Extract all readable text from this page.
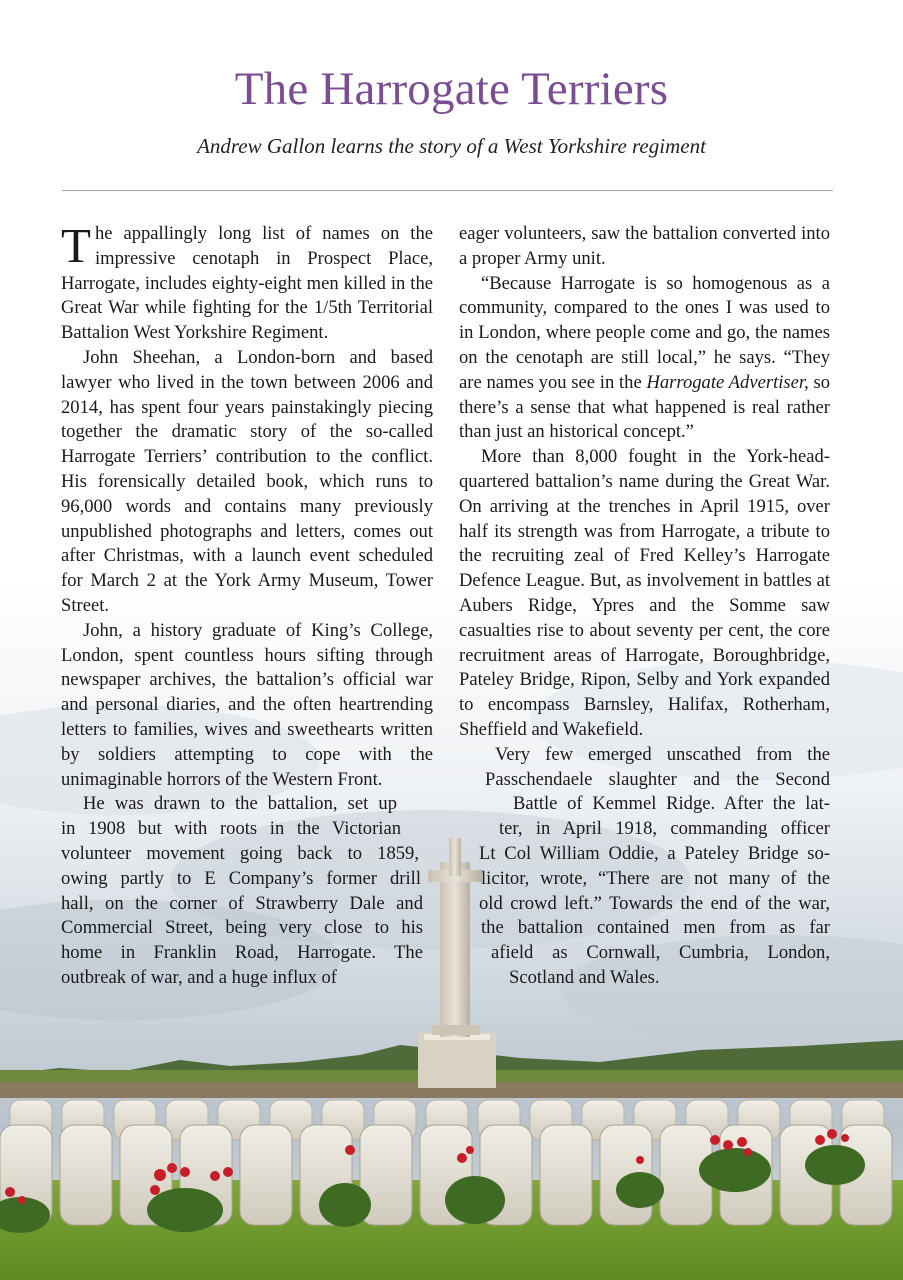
The Harrogate Terriers

Andrew Gallon learns the story of a West Yorkshire regiment

T he appallingly long list of names on the
impressive cenotaph in Prospect Place,
Harrogate, includes eighty-eight men killed in the Great War while fighting for the 1/5th Territorial Battalion West Yorkshire Regiment.

John Sheehan, a London-born and based lawyer who lived in the town between 2006 and 2014, has spent four years painstakingly piecing together the dramatic story of the so-called Harrogate Terriers’ contribution to the conflict. His forensically detailed book, which runs to 96,000 words and contains many previously unpublished photographs and letters, comes out after Christmas, with a launch event scheduled for March 2 at the York Army Museum, Tower Street.

John, a history graduate of King’s College, London, spent countless hours sifting through newspaper archives, the battalion’s official war and personal diaries, and the often heartrending letters to families, wives and sweethearts written by soldiers attempting to cope with the unimaginable horrors of the Western Front.

He was drawn to the battalion, set up
in 1908 but with roots in the Victorian
volunteer movement going back to 1859,
owing partly to E Company’s former drill
hall, on the corner of Strawberry Dale and
Commercial Street, being very close to his
home in Franklin Road, Harrogate. The
outbreak of war, and a huge influx of

eager volunteers, saw the battalion converted into a proper Army unit.

“Because Harrogate is so homogenous as a community, compared to the ones I was used to in London, where people come and go, the names on the cenotaph are still local,” he says. “They are names you see in the Harrogate Advertiser, so there’s a sense that what happened is real rather than just an historical concept.”

More than 8,000 fought in the York-headquartered battalion’s name during the Great War. On arriving at the trenches in April 1915, over half its strength was from Harrogate, a tribute to the recruiting zeal of Fred Kelley’s Harrogate Defence League. But, as involvement in battles at Aubers Ridge, Ypres and the Somme saw casualties rise to about seventy per cent, the core recruitment areas of Harrogate, Boroughbridge, Pateley Bridge, Ripon, Selby and York expanded to encompass Barnsley, Halifax, Rotherham, Sheffield and Wakefield.

Very few emerged unscathed from the
Passchendaele slaughter and the Second
Battle of Kemmel Ridge. After the lat-
ter, in April 1918, commanding officer
Lt Col William Oddie, a Pateley Bridge so-
licitor, wrote, “There are not many of the
old crowd left.” Towards the end of the war,
the battalion contained men from as far
afield as Cornwall, Cumbria, London,
Scotland and Wales.
